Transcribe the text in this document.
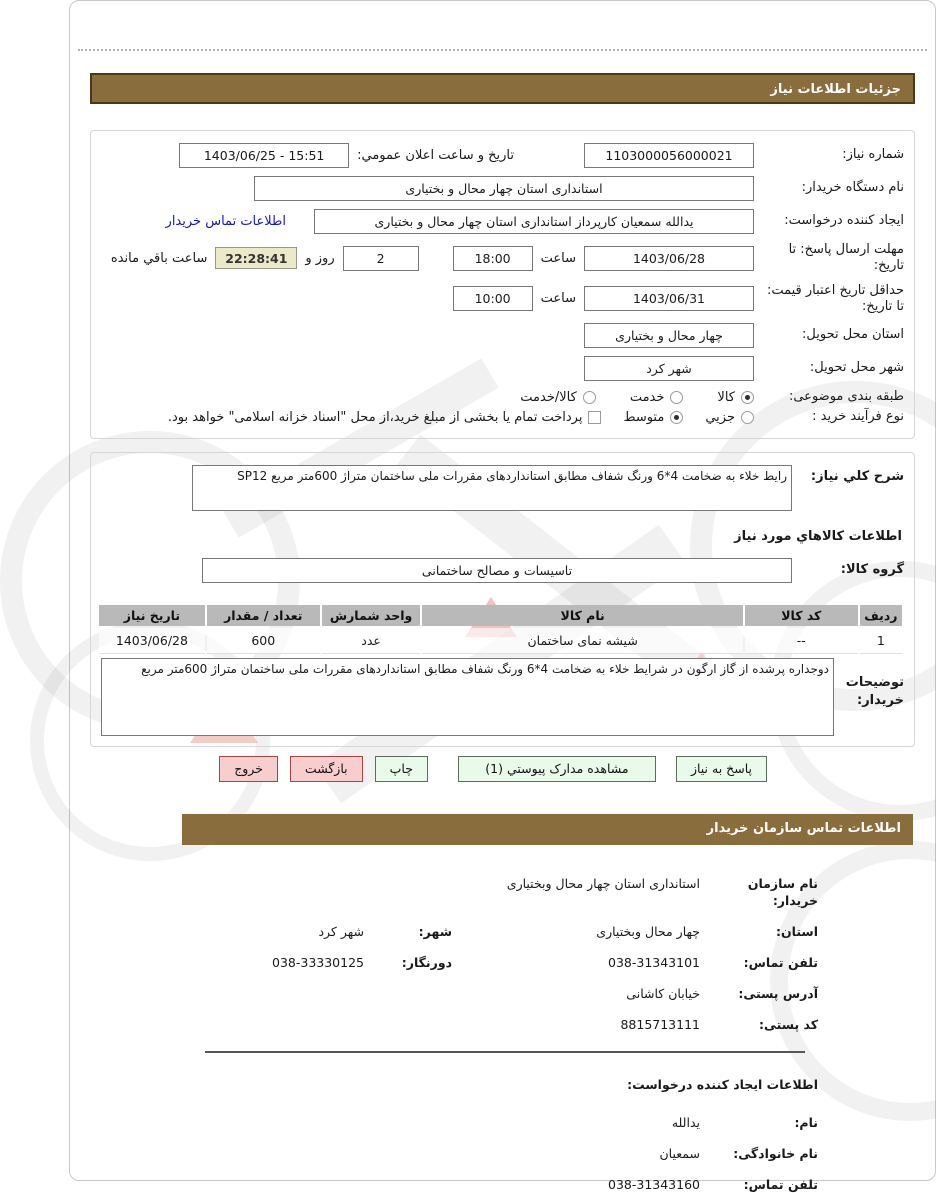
جزئیات اطلاعات نیاز
شماره نیاز:
1103000056000021
تاریخ و ساعت اعلان عمومي:
1403/06/25 - 15:51
نام دستگاه خریدار:
استانداری استان چهار محال و بختیاری
ایجاد کننده درخواست:
یدالله سمعیان کارپرداز استانداری استان چهار محال و بختیاری
اطلاعات تماس خریدار
مهلت ارسال پاسخ: تا تاریخ:
1403/06/28
ساعت
18:00
2
روز و
22:28:41
ساعت باقي مانده
حداقل تاریخ اعتبار قیمت: تا تاریخ:
1403/06/31
ساعت
10:00
استان محل تحویل:
چهار محال و بختیاری
شهر محل تحویل:
شهر کرد
طبقه بندی موضوعی:
کالا
خدمت
کالا/خدمت
نوع فرآیند خرید :
جزيي
متوسط
پرداخت تمام یا بخشی از مبلغ خرید،از محل "اسناد خزانه اسلامی" خواهد بود.
شرح کلي نياز:
رایط خلاء به ضخامت 4*6 ورنگ شفاف مطابق استانداردهای مقررات ملی ساختمان متراژ 600متر مربع SP12
اطلاعات کالاهاي مورد نياز
گروه کالا:
تاسیسات و مصالح ساختمانی
ردیف	کد کالا	نام کالا	واحد شمارش	تعداد / مقدار	تاریخ نیاز
1	--	شیشه نمای ساختمان	عدد	600	1403/06/28
توضیحات خریدار:
دوجداره پرشده از گاز ارگون در شرایط خلاء به ضخامت 4*6 ورنگ شفاف مطابق استانداردهای مقررات ملی ساختمان متراژ 600متر مربع
پاسخ به نیاز
مشاهده مدارک پیوستي (1)
چاپ
بازگشت
خروج
اطلاعات تماس سازمان خریدار
نام سازمان خریدار:
استانداری استان چهار محال وبختیاری
استان:
چهار محال وبختیاری
شهر:
شهر کرد
تلفن تماس:
038-31343101
دورنگار:
038-33330125
آدرس پستی:
خیابان کاشانی
کد پستی:
8815713111
اطلاعات ایجاد کننده درخواست:
نام:
یدالله
نام خانوادگی:
سمعیان
تلفن تماس:
038-31343160
